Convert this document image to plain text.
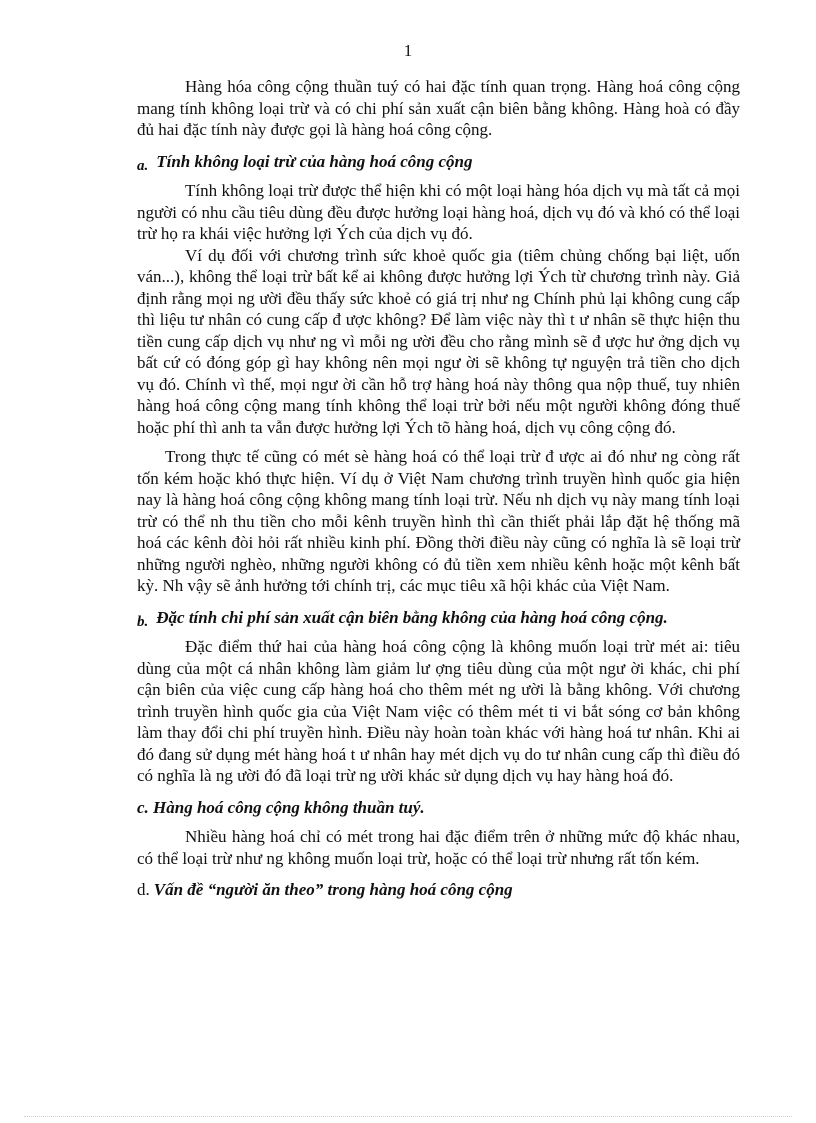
1

Hàng hóa công cộng thuần tuý có hai đặc tính quan trọng. Hàng hoá công cộng mang tính không loại trừ và có chi phí sản xuất cận biên bằng không. Hàng hoà có đầy đủ hai đặc tính này được gọi là hàng hoá công cộng.

a. Tính không loại trừ của hàng hoá công cộng

Tính không loại trừ được thể hiện khi có một loại hàng hóa dịch vụ mà tất cả mọi người có nhu cầu tiêu dùng đều được hưởng loại hàng hoá, dịch vụ đó và khó có thể loại trừ họ ra khái việc hưởng lợi Ých của dịch vụ đó.

Ví dụ đối với chương trình sức khoẻ quốc gia (tiêm chủng chống bại liệt, uốn ván...), không thể loại trừ bất kể ai không được hưởng lợi Ých từ chương trình này. Giả định rằng mọi ng ười đều thấy sức khoẻ có giá trị như ng Chính phủ lại không cung cấp thì liệu tư nhân có cung cấp đ ược không? Để làm việc này thì t ư nhân sẽ thực hiện thu tiền cung cấp dịch vụ như ng vì mỗi ng ười đều cho rằng mình sẽ đ ược hư ởng dịch vụ bất cứ có đóng góp gì hay không nên mọi ngư ời sẽ không tự nguyện trả tiền cho dịch vụ đó. Chính vì thế, mọi ngư ời cần hỗ trợ hàng hoá này thông qua nộp thuế, tuy nhiên hàng hoá công cộng mang tính không thể loại trừ bởi nếu một người không đóng thuế hoặc phí thì anh ta vẫn được hưởng lợi Ých tõ hàng hoá, dịch vụ công cộng đó.

Trong thực tế cũng có mét sè hàng hoá có thể loại trừ đ ược ai đó như ng còng rất tốn kém hoặc khó thực hiện. Ví dụ ở Việt Nam chương trình truyền hình quốc gia hiện nay là hàng hoá công cộng không mang tính loại trừ. Nếu nh dịch vụ này mang tính loại trừ có thể nh thu tiền cho mỗi kênh truyền hình thì cần thiết phải lắp đặt hệ thống mã hoá các kênh đòi hỏi rất nhiều kinh phí. Đồng thời điều này cũng có nghĩa là sẽ loại trừ những người nghèo, những người không có đủ tiền xem nhiều kênh hoặc một kênh bất kỳ. Nh vậy sẽ ảnh hưởng tới chính trị, các mục tiêu xã hội khác của Việt Nam.

b. Đặc tính chi phí sản xuất cận biên bằng không của hàng hoá công cộng.

Đặc điểm thứ hai của hàng hoá công cộng là không muốn loại trừ mét ai: tiêu dùng của một cá nhân không làm giảm lư ợng tiêu dùng của một ngư ời khác, chi phí cận biên của việc cung cấp hàng hoá cho thêm mét ng ười là bằng không. Với chương trình truyền hình quốc gia của Việt Nam việc có thêm mét ti vi bắt sóng cơ bản không làm thay đổi chi phí truyền hình. Điều này hoàn toàn khác với hàng hoá tư nhân. Khi ai đó đang sử dụng mét hàng hoá t ư nhân hay mét dịch vụ do tư nhân cung cấp thì điều đó có nghĩa là ng ười đó đã loại trừ ng ười khác sử dụng dịch vụ hay hàng hoá đó.

c. Hàng hoá công cộng không thuần tuý.

Nhiều hàng hoá chỉ có mét trong hai đặc điểm trên ở những mức độ khác nhau, có thể loại trừ như ng không muốn loại trừ, hoặc có thể loại trừ nhưng rất tốn kém.

d. Vấn đề “người ăn theo” trong hàng hoá công cộng
